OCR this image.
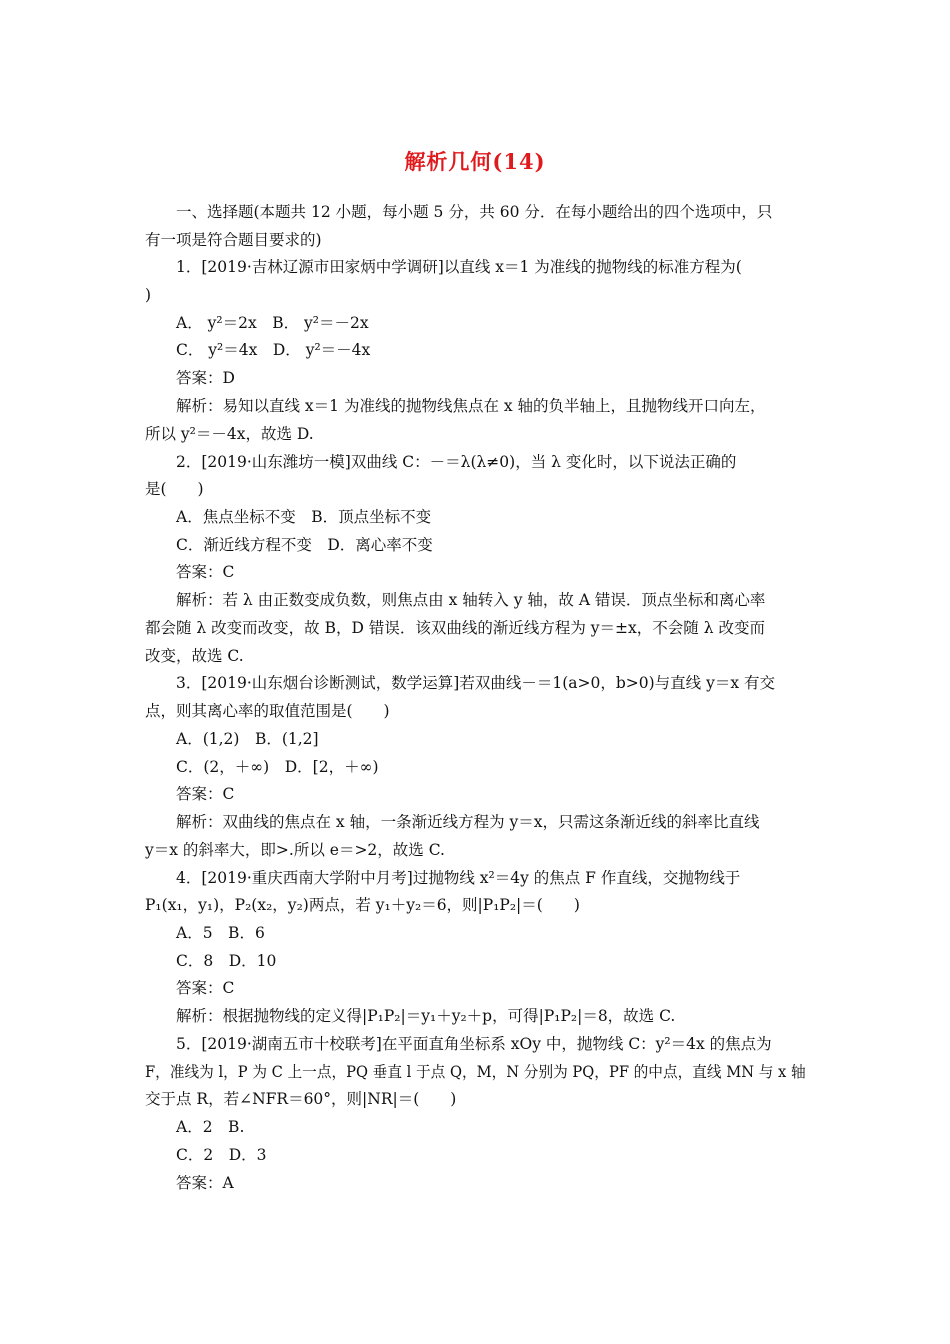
解析几何(14)
一、选择题(本题共 12 小题，每小题 5 分，共 60 分．在每小题给出的四个选项中，只
有一项是符合题目要求的)
1．[2019·吉林辽源市田家炳中学调研]以直线 x＝1 为准线的抛物线的标准方程为(
)
A． y²＝2x　B． y²＝－2x
C． y²＝4x　D． y²＝－4x
答案：D
解析：易知以直线 x＝1 为准线的抛物线焦点在 x 轴的负半轴上，且抛物线开口向左，
所以 y²＝－4x，故选 D.
2．[2019·山东潍坊一模]双曲线 C：－＝λ(λ≠0)，当 λ 变化时，以下说法正确的
是(　　)
A．焦点坐标不变　B．顶点坐标不变
C．渐近线方程不变　D．离心率不变
答案：C
解析：若 λ 由正数变成负数，则焦点由 x 轴转入 y 轴，故 A 错误．顶点坐标和离心率
都会随 λ 改变而改变，故 B，D 错误．该双曲线的渐近线方程为 y＝±x，不会随 λ 改变而
改变，故选 C.
3．[2019·山东烟台诊断测试，数学运算]若双曲线－＝1(a>0，b>0)与直线 y＝x 有交
点，则其离心率的取值范围是(　　)
A．(1,2)　B．(1,2]
C．(2，＋∞)　D．[2，＋∞)
答案：C
解析：双曲线的焦点在 x 轴，一条渐近线方程为 y＝x，只需这条渐近线的斜率比直线
y＝x 的斜率大，即>.所以 e＝>2，故选 C.
4．[2019·重庆西南大学附中月考]过抛物线 x²＝4y 的焦点 F 作直线，交抛物线于
P₁(x₁，y₁)，P₂(x₂，y₂)两点，若 y₁＋y₂＝6，则|P₁P₂|＝(　　)
A．5　B．6
C．8　D．10
答案：C
解析：根据抛物线的定义得|P₁P₂|＝y₁＋y₂＋p，可得|P₁P₂|＝8，故选 C.
5．[2019·湖南五市十校联考]在平面直角坐标系 xOy 中，抛物线 C：y²＝4x 的焦点为
F，准线为 l，P 为 C 上一点，PQ 垂直 l 于点 Q，M，N 分别为 PQ，PF 的中点，直线 MN 与 x 轴
交于点 R，若∠NFR＝60°，则|NR|＝(　　)
A．2　B.
C．2　D．3
答案：A
